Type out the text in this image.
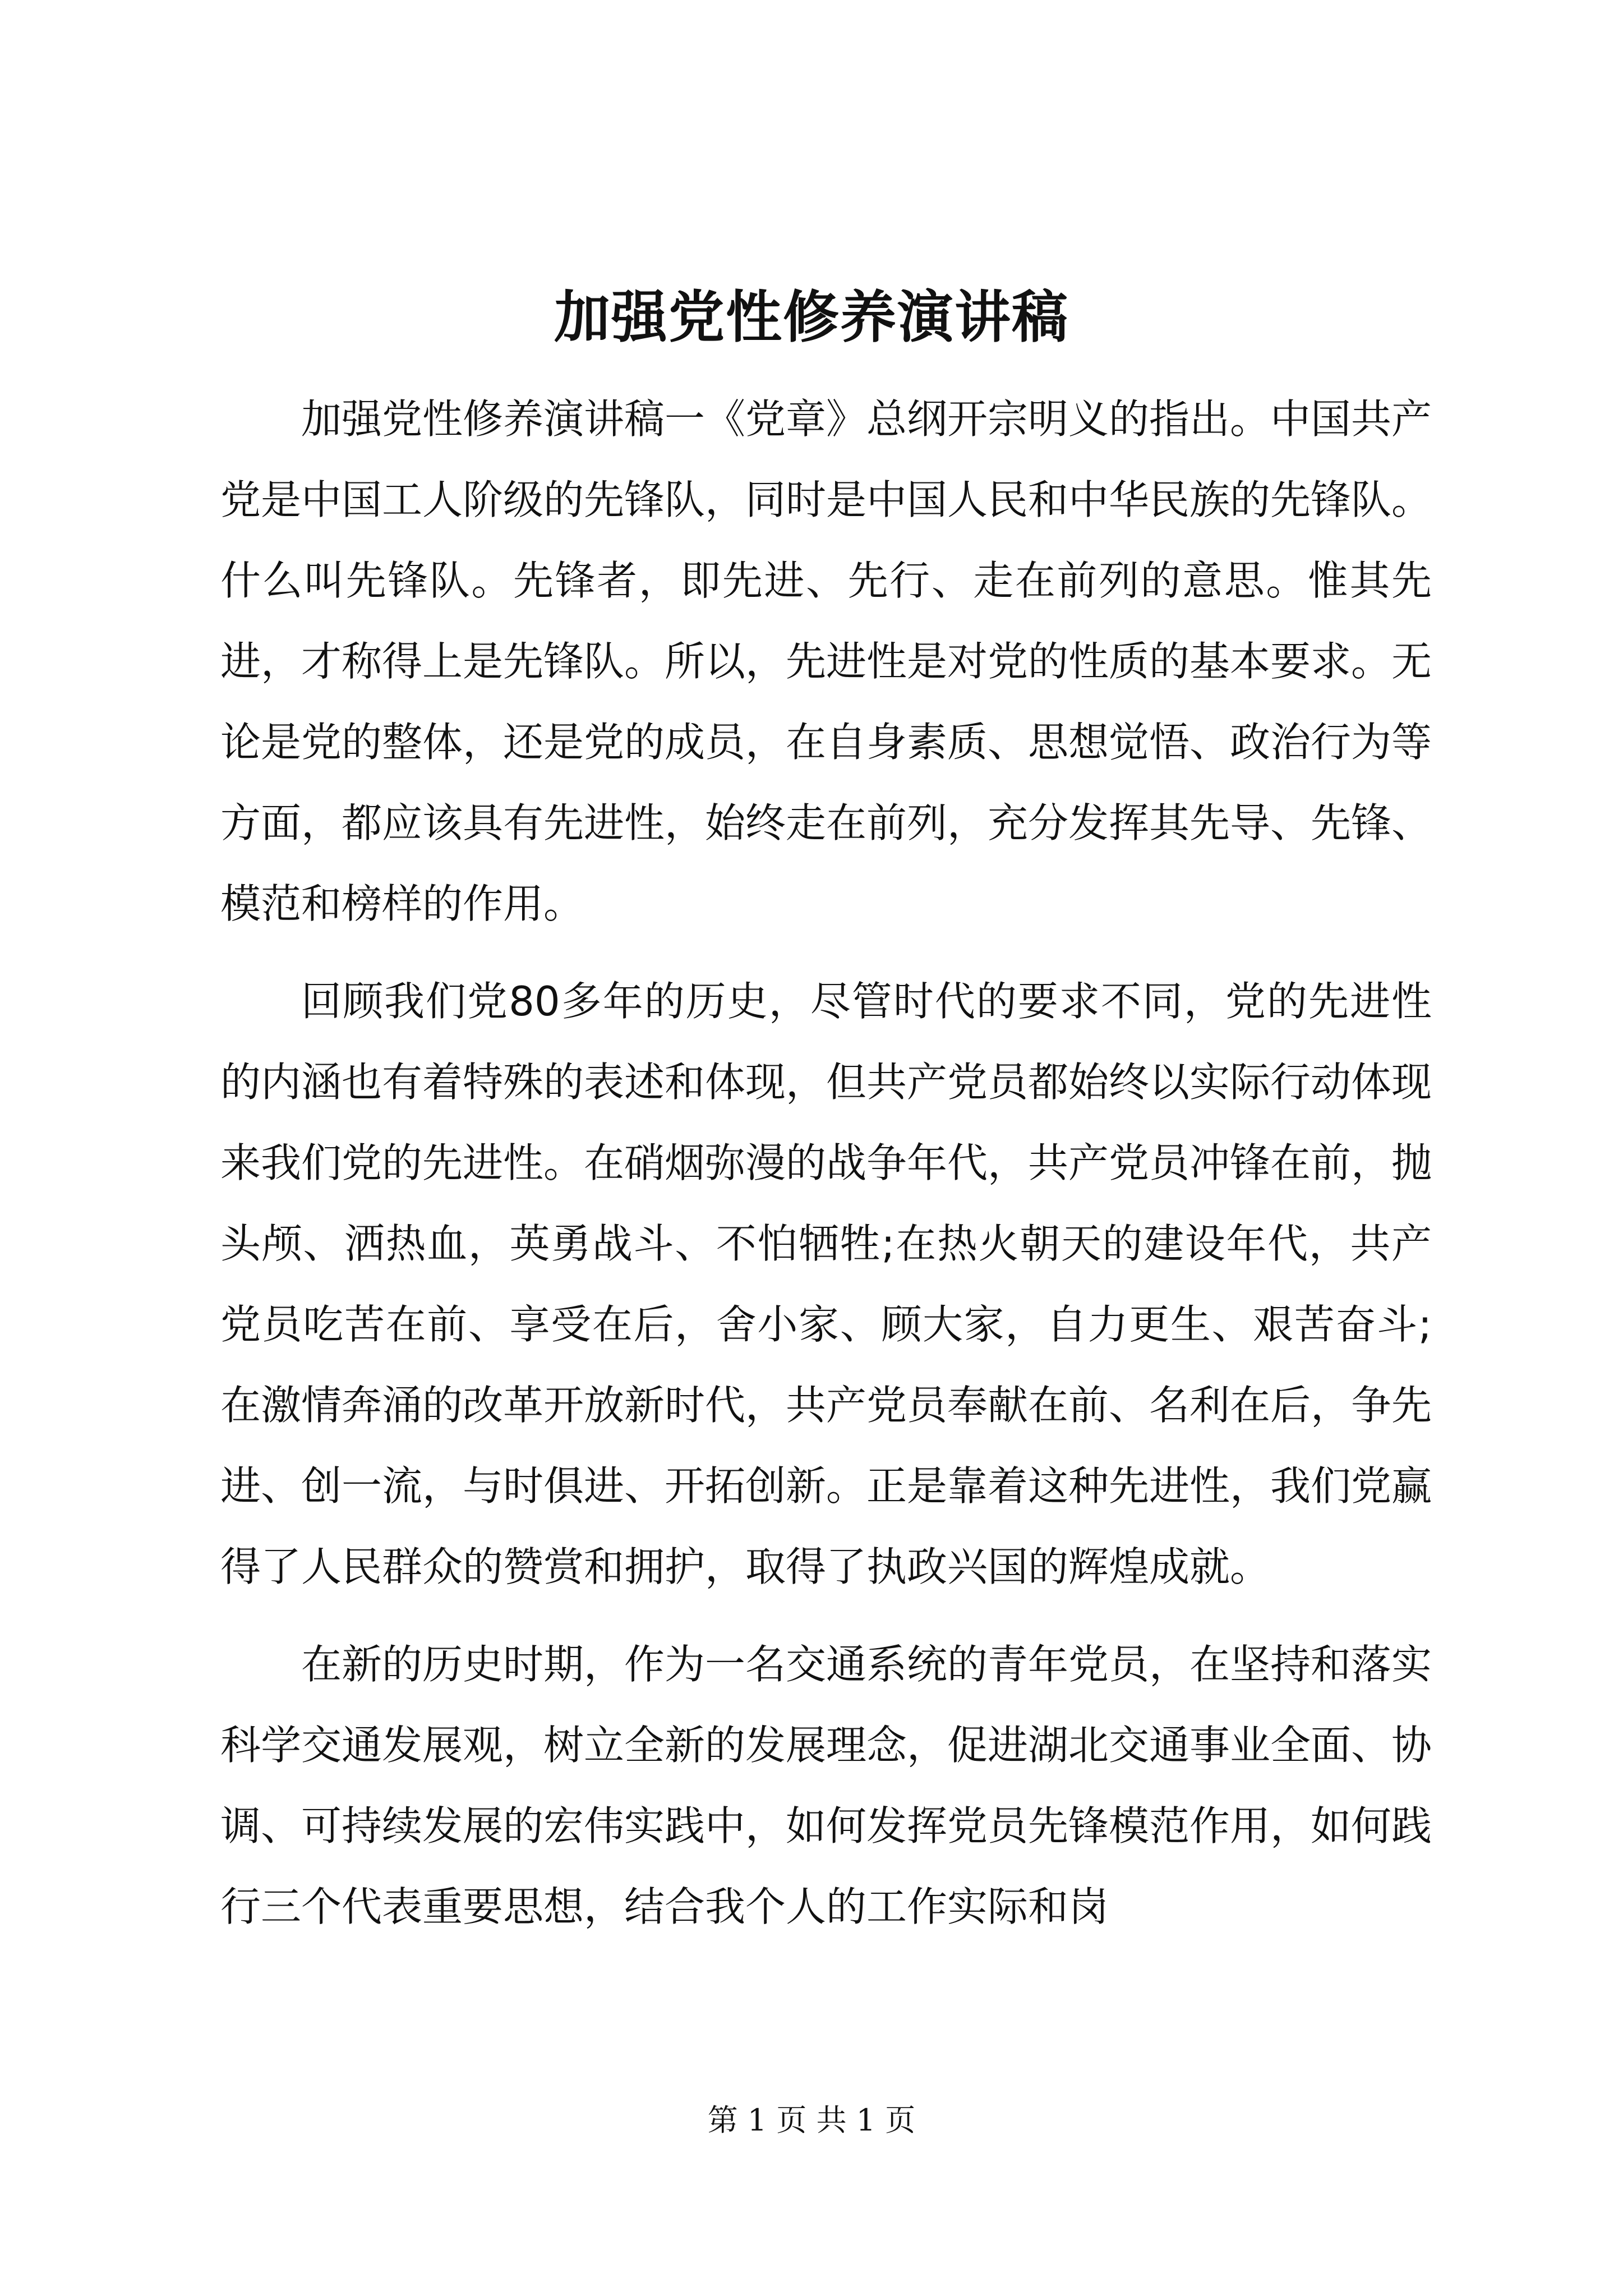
加强党性修养演讲稿

加强党性修养演讲稿一《党章》总纲开宗明义的指出。中国共产党是中国工人阶级的先锋队，同时是中国人民和中华民族的先锋队。什么叫先锋队。先锋者，即先进、先行、走在前列的意思。惟其先进，才称得上是先锋队。所以，先进性是对党的性质的基本要求。无论是党的整体，还是党的成员，在自身素质、思想觉悟、政治行为等方面，都应该具有先进性，始终走在前列，充分发挥其先导、先锋、模范和榜样的作用。

回顾我们党80多年的历史，尽管时代的要求不同，党的先进性的内涵也有着特殊的表述和体现，但共产党员都始终以实际行动体现来我们党的先进性。在硝烟弥漫的战争年代，共产党员冲锋在前，抛头颅、洒热血，英勇战斗、不怕牺牲;在热火朝天的建设年代，共产党员吃苦在前、享受在后，舍小家、顾大家，自力更生、艰苦奋斗;在激情奔涌的改革开放新时代，共产党员奉献在前、名利在后，争先进、创一流，与时俱进、开拓创新。正是靠着这种先进性，我们党赢得了人民群众的赞赏和拥护，取得了执政兴国的辉煌成就。

在新的历史时期，作为一名交通系统的青年党员，在坚持和落实科学交通发展观，树立全新的发展理念，促进湖北交通事业全面、协调、可持续发展的宏伟实践中，如何发挥党员先锋模范作用，如何践行三个代表重要思想，结合我个人的工作实际和岗

第 1 页 共 1 页
